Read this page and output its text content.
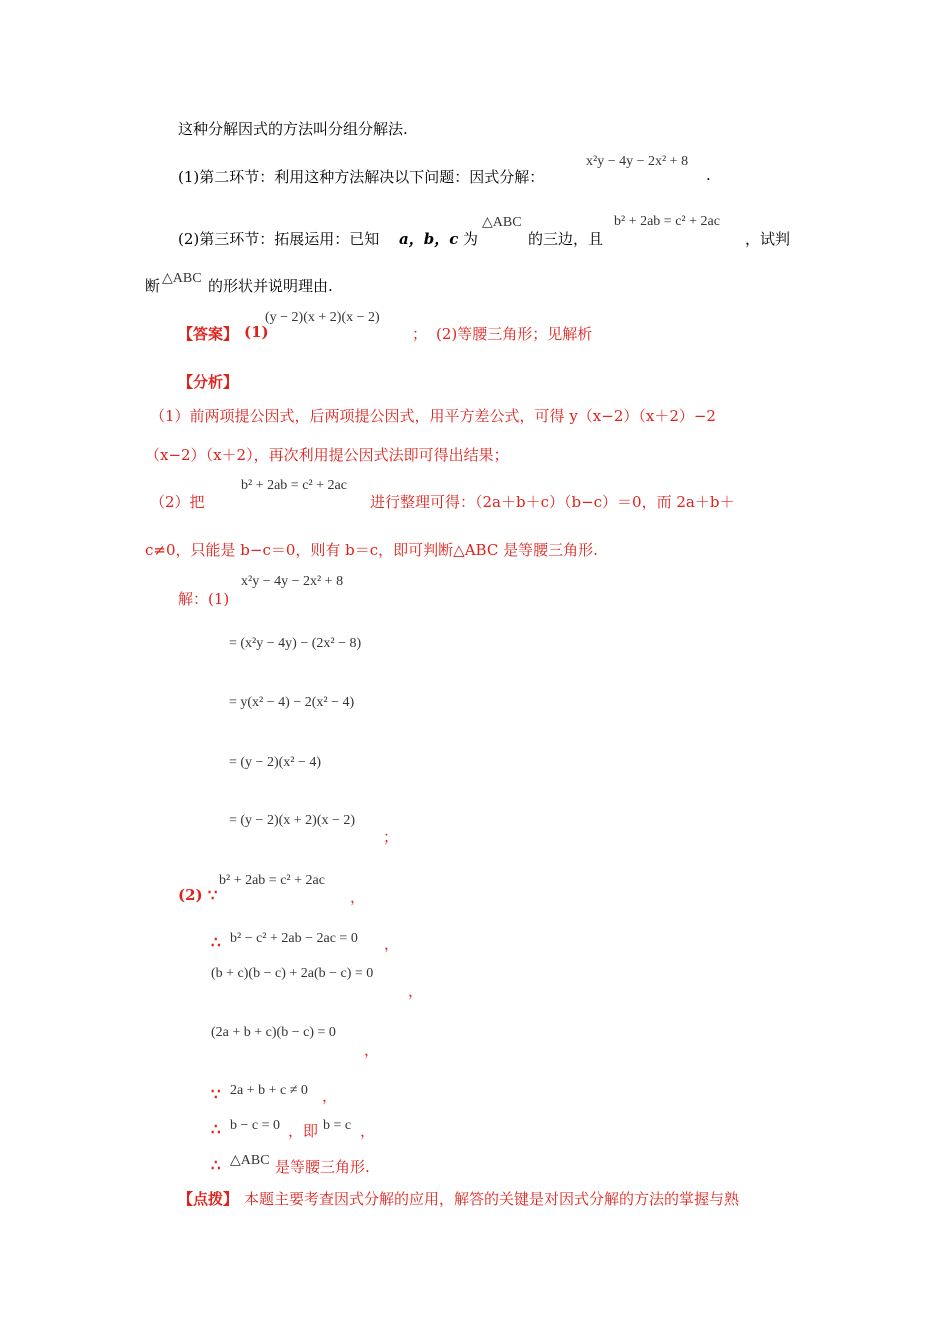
这种分解因式的方法叫分组分解法.
(1)第二环节：利用这种方法解决以下问题：因式分解：
x²y − 4y − 2x² + 8
.
(2)第三环节：拓展运用：已知 a，b，c 为
△ABC
的三边，且
b² + 2ab = c² + 2ac
，试判
断 △ABC 的形状并说明理由.
【答案】 (1)
(y − 2)(x + 2)(x − 2)
； (2)等腰三角形；见解析
【分析】
（1）前两项提公因式，后两项提公因式，用平方差公式，可得 y（x−2）（x＋2）−2
（x−2）（x＋2），再次利用提公因式法即可得出结果；
（2）把
b² + 2ab = c² + 2ac
进行整理可得：（2a＋b＋c）（b−c）＝0，而 2a＋b＋
c≠0，只能是 b−c＝0，则有 b＝c，即可判断△ABC 是等腰三角形.
解：(1)
x²y − 4y − 2x² + 8
= (x²y − 4y) − (2x² − 8)
= y(x² − 4) − 2(x² − 4)
= (y − 2)(x² − 4)
= (y − 2)(x + 2)(x − 2)
；
(2) ∵
b² + 2ab = c² + 2ac
，
∴ b² − c² + 2ab − 2ac = 0 ，
(b + c)(b − c) + 2a(b − c) = 0
，
(2a + b + c)(b − c) = 0
，
∵ 2a + b + c ≠ 0 ，
∴ b − c = 0 ，即 b = c ，
∴ △ABC 是等腰三角形.
【点拨】 本题主要考查因式分解的应用，解答的关键是对因式分解的方法的掌握与熟
